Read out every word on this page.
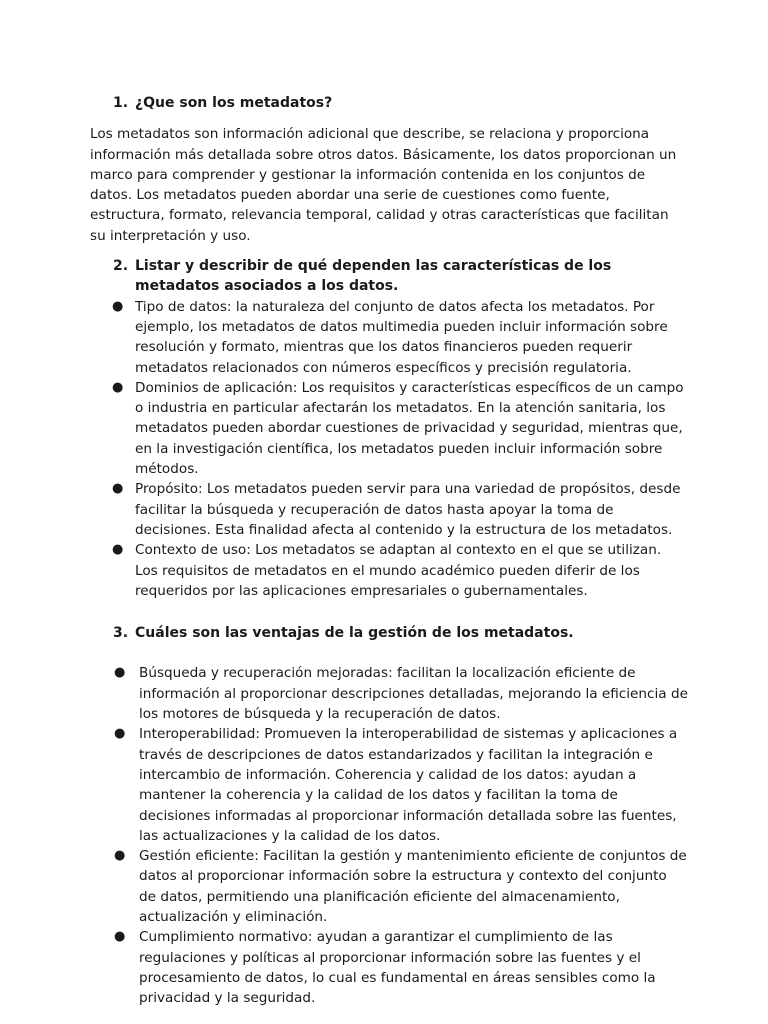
1. ¿Que son los metadatos?

Los metadatos son información adicional que describe, se relaciona y proporciona información más detallada sobre otros datos. Básicamente, los datos proporcionan un marco para comprender y gestionar la información contenida en los conjuntos de datos. Los metadatos pueden abordar una serie de cuestiones como fuente, estructura, formato, relevancia temporal, calidad y otras características que facilitan su interpretación y uso.

2. Listar y describir de qué dependen las características de los metadatos asociados a los datos.
● Tipo de datos: la naturaleza del conjunto de datos afecta los metadatos. Por ejemplo, los metadatos de datos multimedia pueden incluir información sobre resolución y formato, mientras que los datos financieros pueden requerir metadatos relacionados con números específicos y precisión regulatoria.
● Dominios de aplicación: Los requisitos y características específicos de un campo o industria en particular afectarán los metadatos. En la atención sanitaria, los metadatos pueden abordar cuestiones de privacidad y seguridad, mientras que, en la investigación científica, los metadatos pueden incluir información sobre métodos.
● Propósito: Los metadatos pueden servir para una variedad de propósitos, desde facilitar la búsqueda y recuperación de datos hasta apoyar la toma de decisiones. Esta finalidad afecta al contenido y la estructura de los metadatos.
● Contexto de uso: Los metadatos se adaptan al contexto en el que se utilizan. Los requisitos de metadatos en el mundo académico pueden diferir de los requeridos por las aplicaciones empresariales o gubernamentales.
3. Cuáles son las ventajas de la gestión de los metadatos.
● Búsqueda y recuperación mejoradas: facilitan la localización eficiente de información al proporcionar descripciones detalladas, mejorando la eficiencia de los motores de búsqueda y la recuperación de datos.
● Interoperabilidad: Promueven la interoperabilidad de sistemas y aplicaciones a través de descripciones de datos estandarizados y facilitan la integración e intercambio de información. Coherencia y calidad de los datos: ayudan a mantener la coherencia y la calidad de los datos y facilitan la toma de decisiones informadas al proporcionar información detallada sobre las fuentes, las actualizaciones y la calidad de los datos.
● Gestión eficiente: Facilitan la gestión y mantenimiento eficiente de conjuntos de datos al proporcionar información sobre la estructura y contexto del conjunto de datos, permitiendo una planificación eficiente del almacenamiento, actualización y eliminación.
● Cumplimiento normativo: ayudan a garantizar el cumplimiento de las regulaciones y políticas al proporcionar información sobre las fuentes y el procesamiento de datos, lo cual es fundamental en áreas sensibles como la privacidad y la seguridad.
